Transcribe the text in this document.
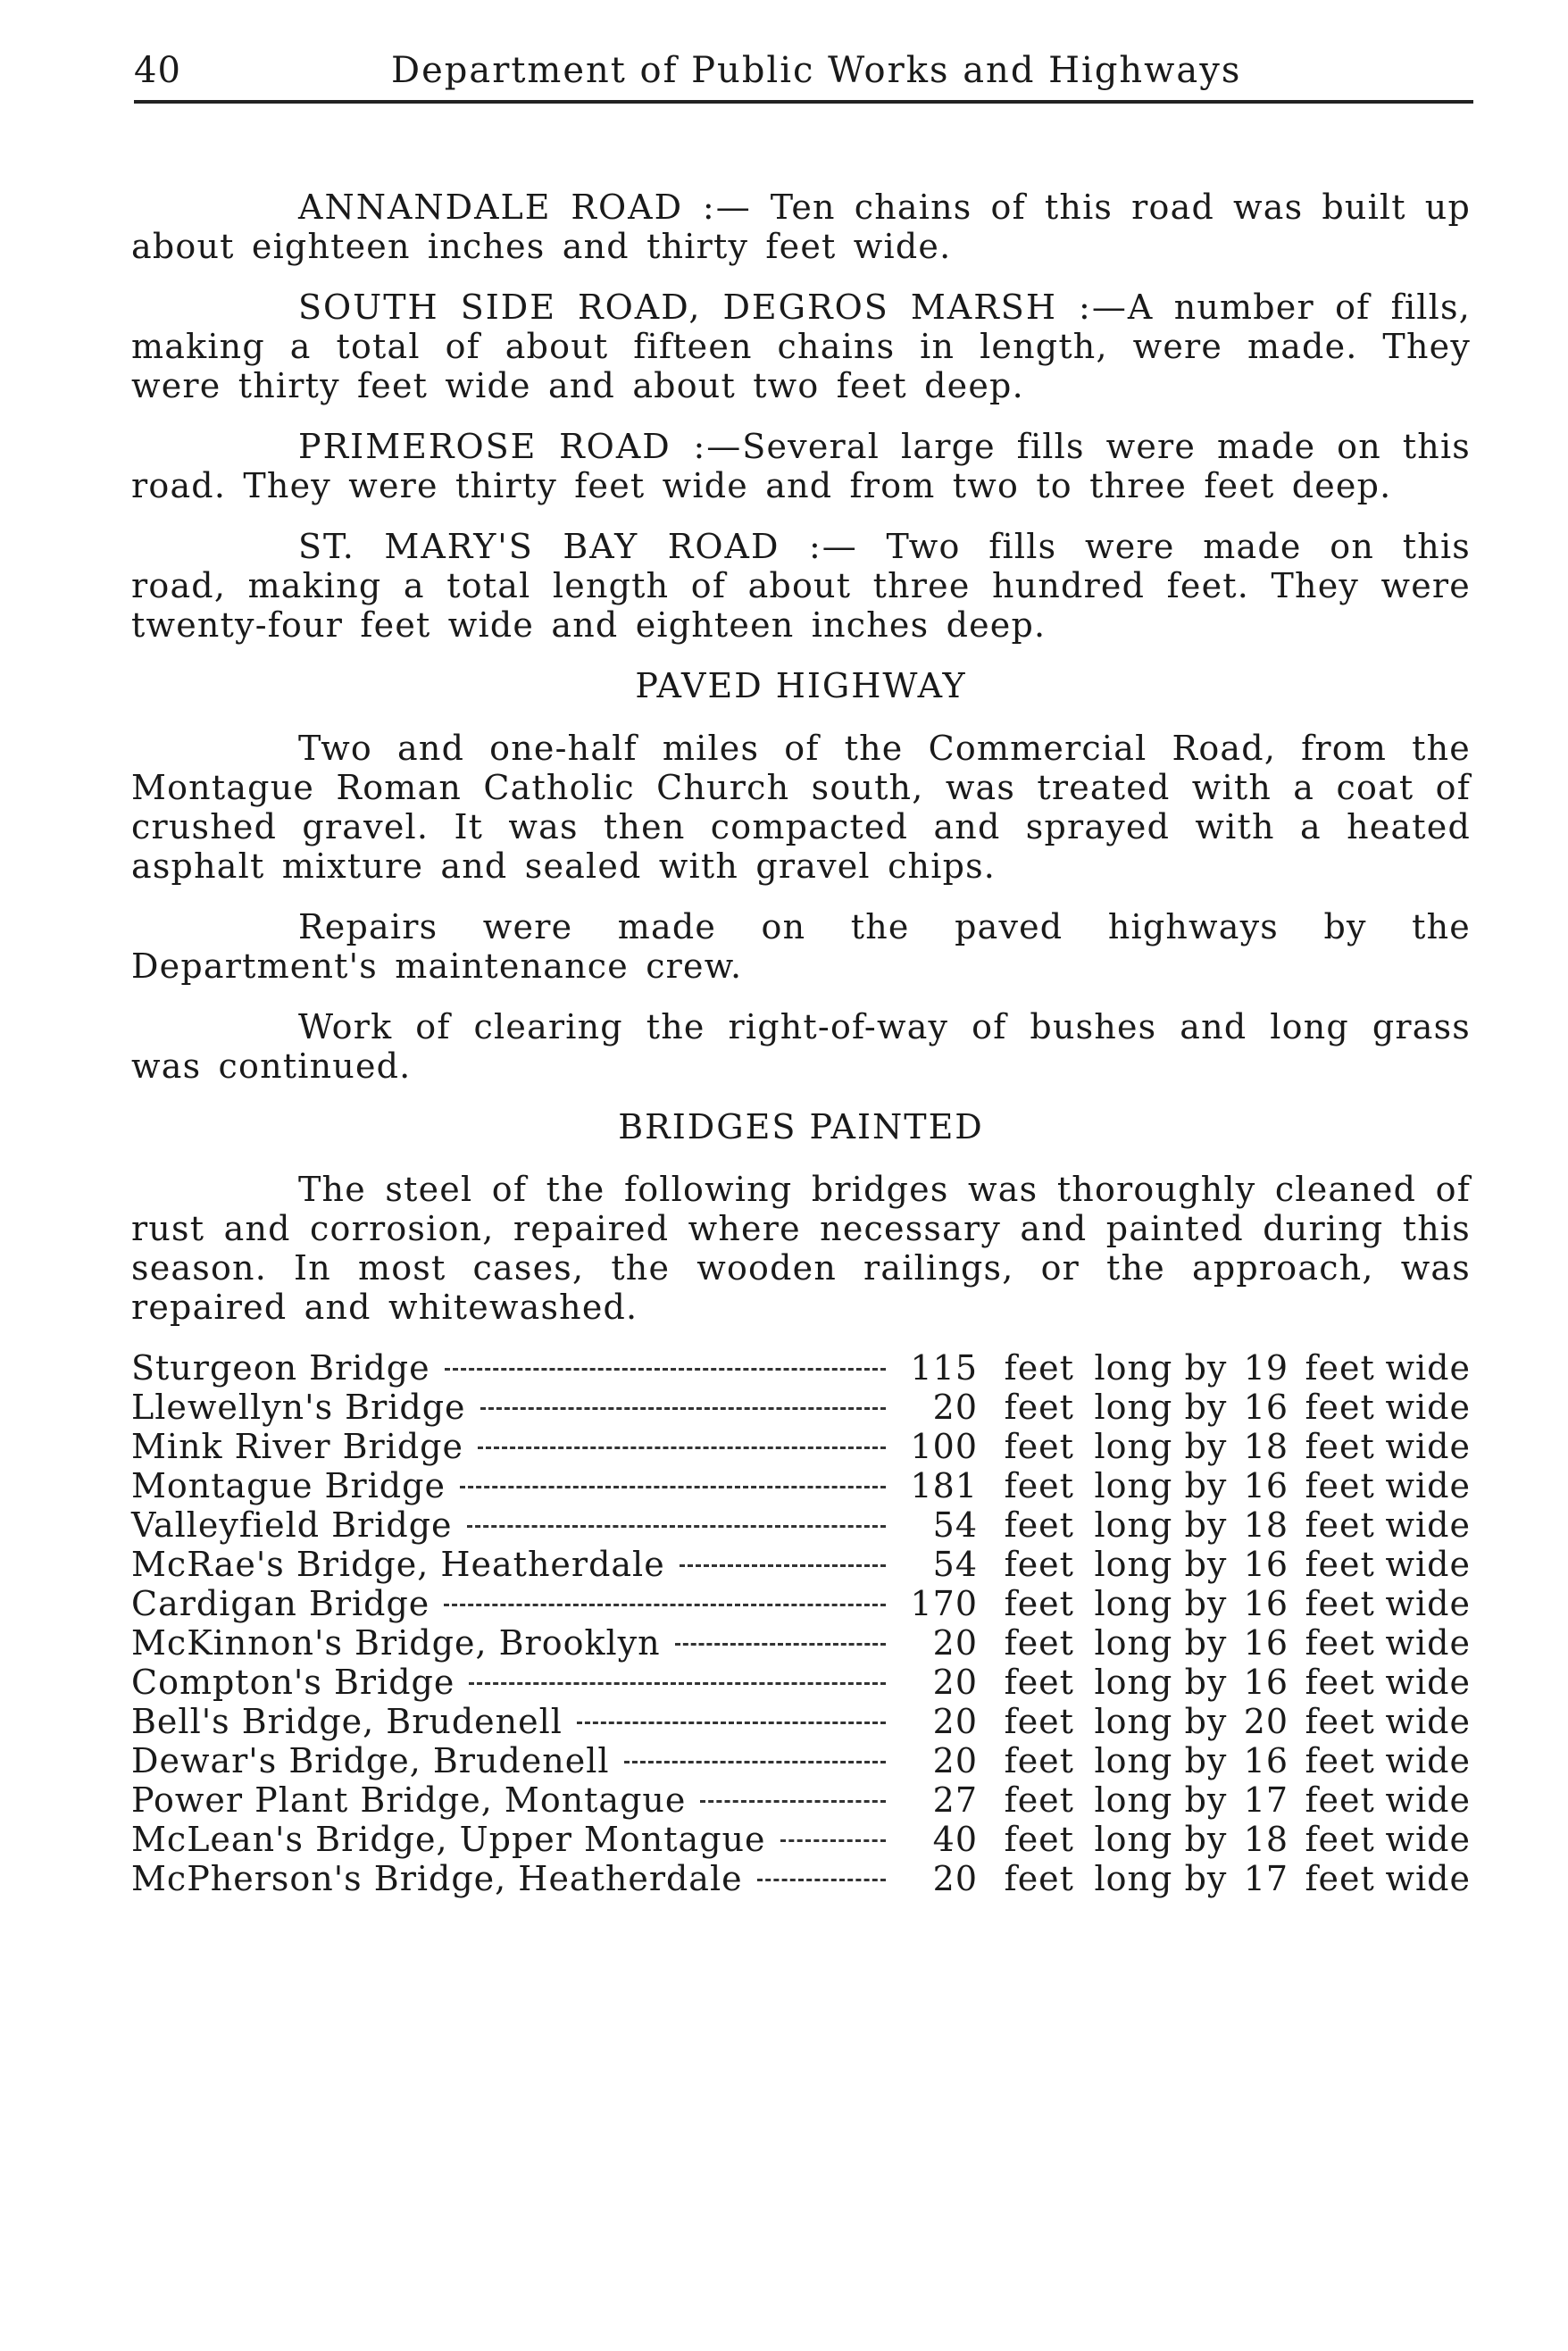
40	Department of Public Works and Highways

ANNANDALE ROAD :— Ten chains of this road was built up about eighteen inches and thirty feet wide.

SOUTH SIDE ROAD, DEGROS MARSH :—A number of fills, making a total of about fifteen chains in length, were made. They were thirty feet wide and about two feet deep.

PRIMEROSE ROAD :—Several large fills were made on this road. They were thirty feet wide and from two to three feet deep.

ST. MARY'S BAY ROAD :— Two fills were made on this road, making a total length of about three hundred feet. They were twenty-four feet wide and eighteen inches deep.

PAVED HIGHWAY

Two and one-half miles of the Commercial Road, from the Montague Roman Catholic Church south, was treated with a coat of crushed gravel. It was then compacted and sprayed with a heated asphalt mixture and sealed with gravel chips.

Repairs were made on the paved highways by the Department's maintenance crew.

Work of clearing the right-of-way of bushes and long grass was continued.

BRIDGES PAINTED

The steel of the following bridges was thoroughly cleaned of rust and corrosion, repaired where necessary and painted during this season. In most cases, the wooden railings, or the approach, was repaired and whitewashed.

Sturgeon Bridge	115	feet	long	by	19	feet	wide

Llewellyn's Bridge	20	feet	long	by	16	feet	wide

Mink River Bridge	100	feet	long	by	18	feet	wide

Montague Bridge	181	feet	long	by	16	feet	wide

Valleyfield Bridge	54	feet	long	by	18	feet	wide

McRae's Bridge, Heatherdale	54	feet	long	by	16	feet	wide

Cardigan Bridge	170	feet	long	by	16	feet	wide

McKinnon's Bridge, Brooklyn	20	feet	long	by	16	feet	wide

Compton's Bridge	20	feet	long	by	16	feet	wide

Bell's Bridge, Brudenell	20	feet	long	by	20	feet	wide

Dewar's Bridge, Brudenell	20	feet	long	by	16	feet	wide

Power Plant Bridge, Montague	27	feet	long	by	17	feet	wide

McLean's Bridge, Upper Montague	40	feet	long	by	18	feet	wide

McPherson's Bridge, Heatherdale	20	feet	long	by	17	feet	wide
